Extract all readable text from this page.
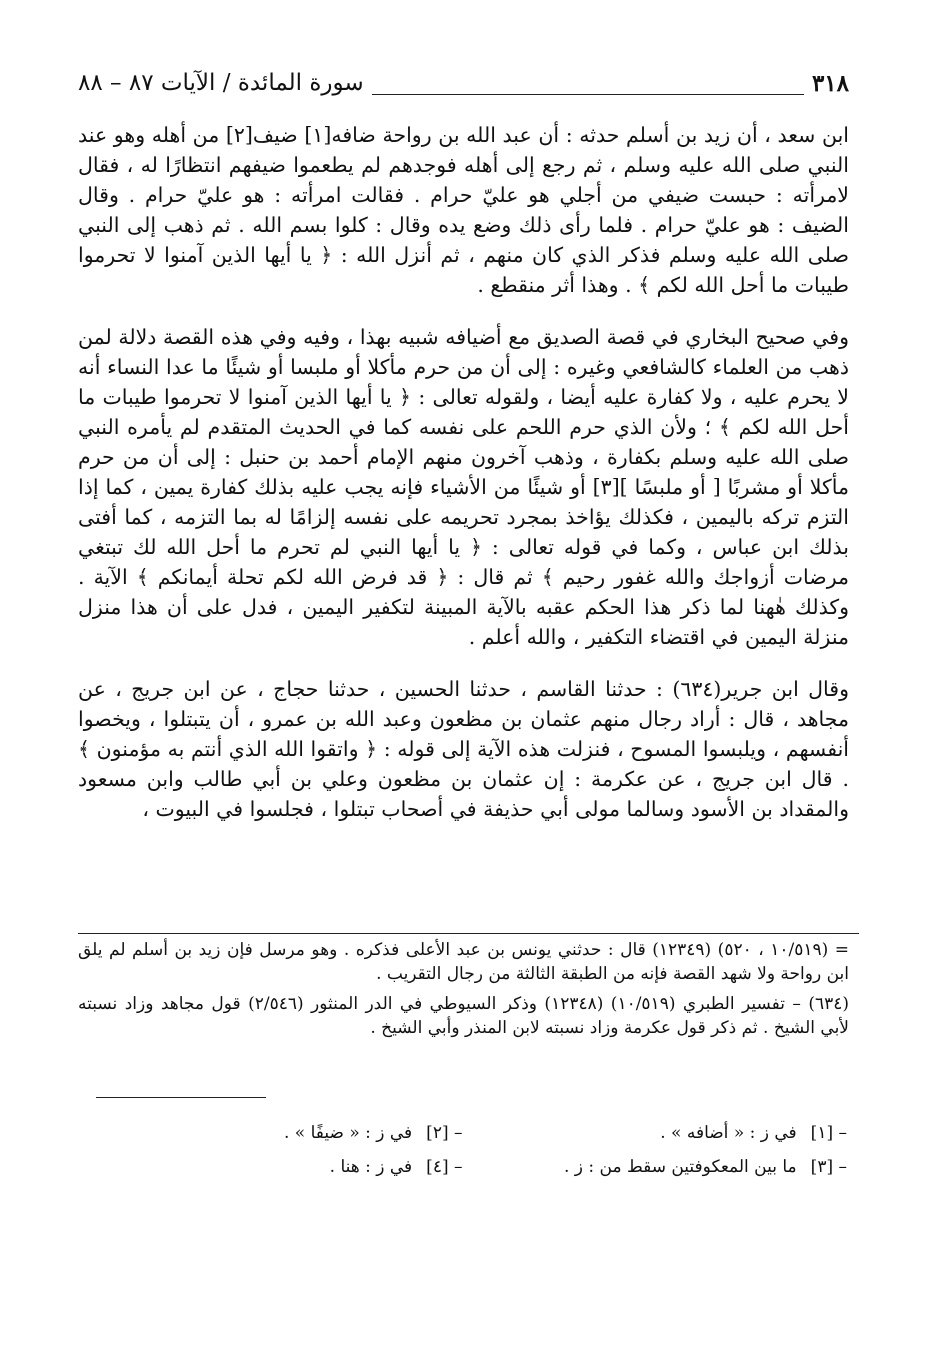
٣١٨
سورة المائدة / الآيات ٨٧ – ٨٨

ابن سعد ، أن زيد بن أسلم حدثه : أن عبد الله بن رواحة ضافه[١] ضيف[٢] من أهله وهو عند النبي صلى الله عليه وسلم ، ثم رجع إلى أهله فوجدهم لم يطعموا ضيفهم انتظارًا له ، فقال لامرأته : حبست ضيفي من أجلي هو عليّ حرام . فقالت امرأته : هو عليّ حرام . وقال الضيف : هو عليّ حرام . فلما رأى ذلك وضع يده وقال : كلوا بسم الله . ثم ذهب إلى النبي صلى الله عليه وسلم فذكر الذي كان منهم ، ثم أنزل الله : ﴿ يا أيها الذين آمنوا لا تحرموا طيبات ما أحل الله لكم ﴾ . وهذا أثر منقطع .

وفي صحيح البخاري في قصة الصديق مع أضيافه شبيه بهذا ، وفيه وفي هذه القصة دلالة لمن ذهب من العلماء كالشافعي وغيره : إلى أن من حرم مأكلا أو ملبسا أو شيئًا ما عدا النساء أنه لا يحرم عليه ، ولا كفارة عليه أيضا ، ولقوله تعالى : ﴿ يا أيها الذين آمنوا لا تحرموا طيبات ما أحل الله لكم ﴾ ؛ ولأن الذي حرم اللحم على نفسه كما في الحديث المتقدم لم يأمره النبي صلى الله عليه وسلم بكفارة ، وذهب آخرون منهم الإمام أحمد بن حنبل : إلى أن من حرم مأكلا أو مشربًا [ أو ملبسًا ][٣] أو شيئًا من الأشياء فإنه يجب عليه بذلك كفارة يمين ، كما إذا التزم تركه باليمين ، فكذلك يؤاخذ بمجرد تحريمه على نفسه إلزامًا له بما التزمه ، كما أفتى بذلك ابن عباس ، وكما في قوله تعالى : ﴿ يا أيها النبي لم تحرم ما أحل الله لك تبتغي مرضات أزواجك والله غفور رحيم ﴾ ثم قال : ﴿ قد فرض الله لكم تحلة أيمانكم ﴾ الآية . وكذلك هٰهنا لما ذكر هذا الحكم عقبه بالآية المبينة لتكفير اليمين ، فدل على أن هذا منزل منزلة اليمين في اقتضاء التكفير ، والله أعلم .

وقال ابن جرير(٦٣٤) : حدثنا القاسم ، حدثنا الحسين ، حدثنا حجاج ، عن ابن جريج ، عن مجاهد ، قال : أراد رجال منهم عثمان بن مظعون وعبد الله بن عمرو ، أن يتبتلوا ، ويخصوا أنفسهم ، ويلبسوا المسوح ، فنزلت هذه الآية إلى قوله : ﴿ واتقوا الله الذي أنتم به مؤمنون ﴾ . قال ابن جريج ، عن عكرمة : إن عثمان بن مظعون وعلي بن أبي طالب وابن مسعود والمقداد بن الأسود وسالما مولى أبي حذيفة في أصحاب تبتلوا ، فجلسوا في البيوت ،

= (١٠/٥١٩ ، ٥٢٠) (١٢٣٤٩) قال : حدثني يونس بن عبد الأعلى فذكره . وهو مرسل فإن زيد بن أسلم لم يلق ابن رواحة ولا شهد القصة فإنه من الطبقة الثالثة من رجال التقريب .

(٦٣٤) – تفسير الطبري (١٠/٥١٩) (١٢٣٤٨) وذكر السيوطي في الدر المنثور (٢/٥٤٦) قول مجاهد وزاد نسبته لأبي الشيخ . ثم ذكر قول عكرمة وزاد نسبته لابن المنذر وأبي الشيخ .

[١] –
في ز : « أضافه » .
[٢] –
في ز : « ضيفًا » .
[٣] –
ما بين المعكوفتين سقط من : ز .
[٤] –
في ز : هنا .
